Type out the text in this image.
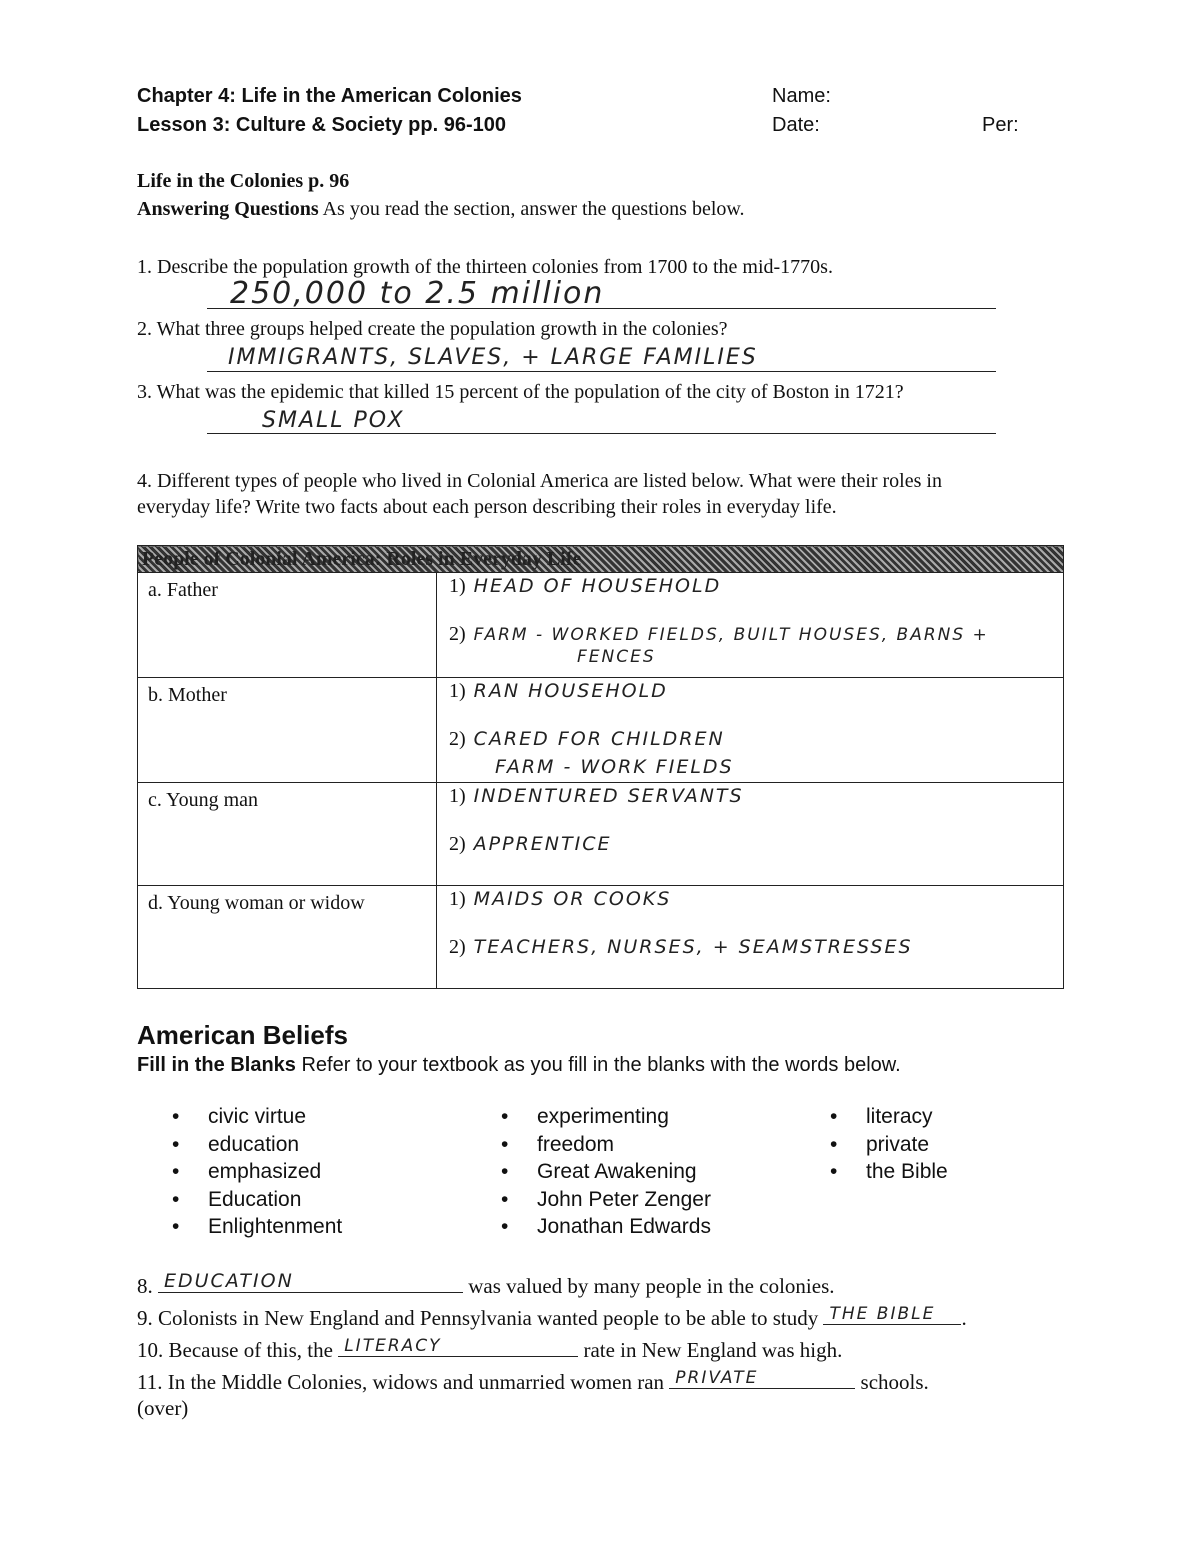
Chapter 4: Life in the American Colonies
Lesson 3: Culture & Society pp. 96-100
Name:
Date:	Per:
Life in the Colonies p. 96
Answering Questions As you read the section, answer the questions below.
1. Describe the population growth of the thirteen colonies from 1700 to the mid-1770s.
250,000 to 2.5 million
2. What three groups helped create the population growth in the colonies?
IMMIGRANTS, SLAVES, + LARGE FAMILIES
3. What was the epidemic that killed 15 percent of the population of the city of Boston in 1721?
SMALL POX
4. Different types of people who lived in Colonial America are listed below. What were their roles in
everyday life? Write two facts about each person describing their roles in everyday life.
People of Colonial America: Roles in Everyday Life	
a. Father	1) HEAD OF HOUSEHOLD
2) FARM - WORKED FIELDS, BUILT HOUSES, BARNS +
FENCES

b. Mother	1) RAN HOUSEHOLD
2) CARED FOR CHILDREN
FARM - WORK FIELDS

c. Young man	1) INDENTURED SERVANTS
2) APPRENTICE

d. Young woman or widow	1) MAIDS OR COOKS
2) TEACHERS, NURSES, + SEAMSTRESSES
American Beliefs
Fill in the Blanks Refer to your textbook as you fill in the blanks with the words below.
• civic virtue
• education
• emphasized
• Education
• Enlightenment
• experimenting
• freedom
• Great Awakening
• John Peter Zenger
• Jonathan Edwards
• literacy
• private
• the Bible
8. EDUCATION	was valued by many people in the colonies.
9. Colonists in New England and Pennsylvania wanted people to be able to study THE BIBLE .
10. Because of this, the LITERACY	rate in New England was high.
11. In the Middle Colonies, widows and unmarried women ran PRIVATE	schools.
(over)
